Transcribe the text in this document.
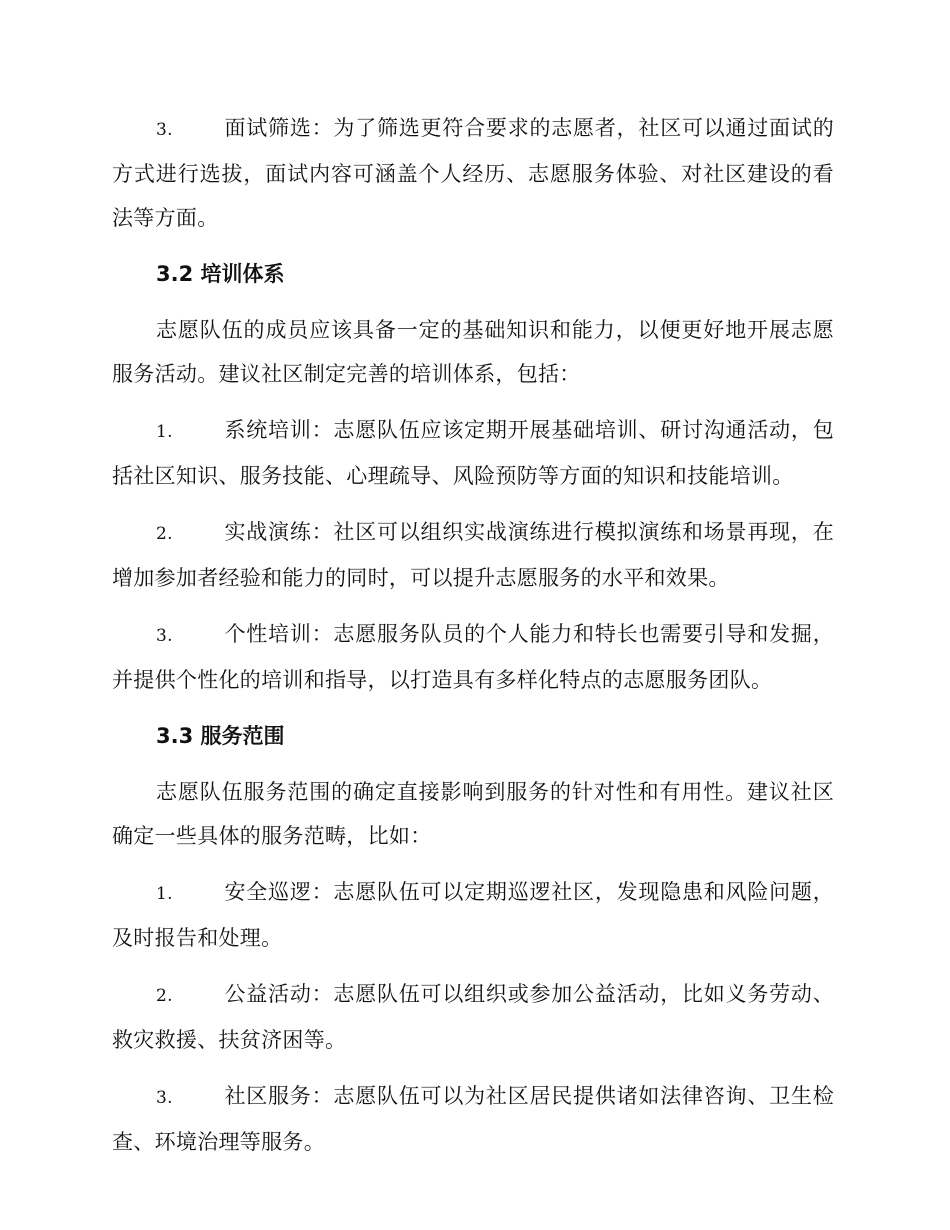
3. 面试筛选：为了筛选更符合要求的志愿者，社区可以通过面试的方式进行选拔，面试内容可涵盖个人经历、志愿服务体验、对社区建设的看法等方面。

3.2 培训体系

志愿队伍的成员应该具备一定的基础知识和能力，以便更好地开展志愿服务活动。建议社区制定完善的培训体系，包括：

1. 系统培训：志愿队伍应该定期开展基础培训、研讨沟通活动，包括社区知识、服务技能、心理疏导、风险预防等方面的知识和技能培训。

2. 实战演练：社区可以组织实战演练进行模拟演练和场景再现，在增加参加者经验和能力的同时，可以提升志愿服务的水平和效果。

3. 个性培训：志愿服务队员的个人能力和特长也需要引导和发掘，并提供个性化的培训和指导，以打造具有多样化特点的志愿服务团队。

3.3 服务范围

志愿队伍服务范围的确定直接影响到服务的针对性和有用性。建议社区确定一些具体的服务范畴，比如：

1. 安全巡逻：志愿队伍可以定期巡逻社区，发现隐患和风险问题，及时报告和处理。

2. 公益活动：志愿队伍可以组织或参加公益活动，比如义务劳动、救灾救援、扶贫济困等。

3. 社区服务：志愿队伍可以为社区居民提供诸如法律咨询、卫生检查、环境治理等服务。
